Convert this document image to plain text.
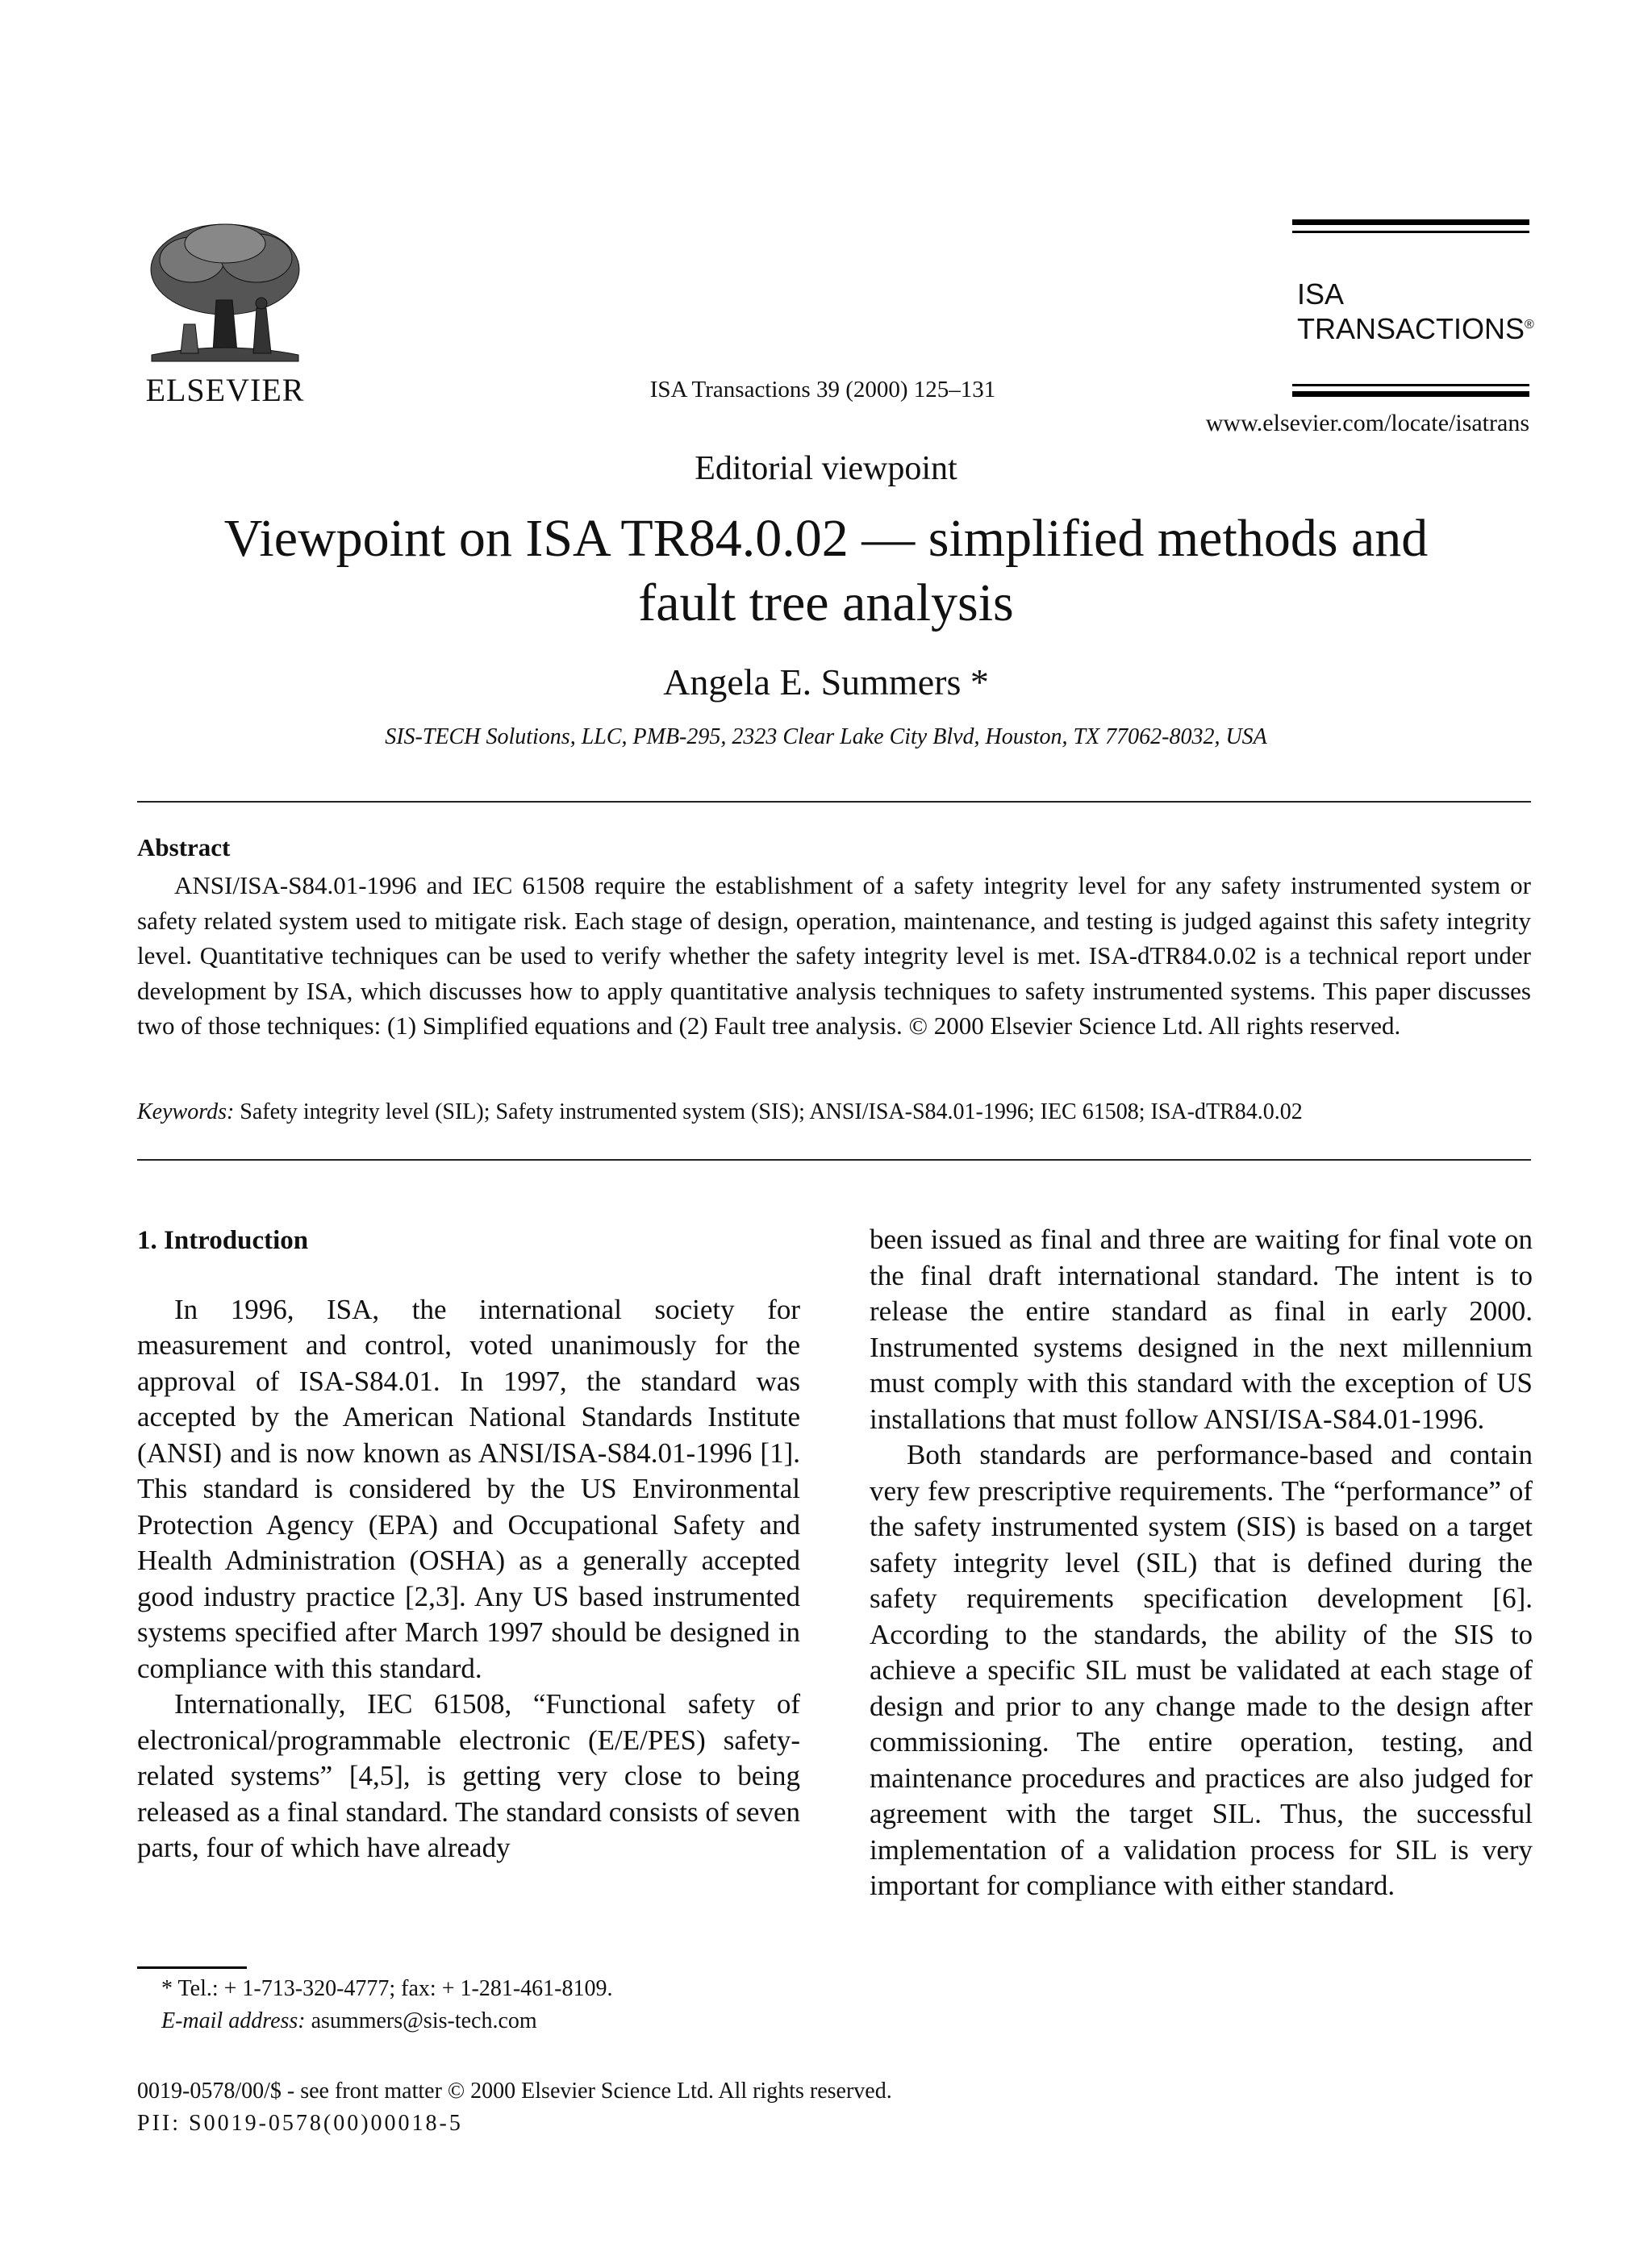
ELSEVIER	ISA Transactions 39 (2000) 125–131
ISA
TRANSACTIONS®
www.elsevier.com/locate/isatrans
Editorial viewpoint
Viewpoint on ISA TR84.0.02 — simplified methods and
fault tree analysis
Angela E. Summers *
SIS-TECH Solutions, LLC, PMB-295, 2323 Clear Lake City Blvd, Houston, TX 77062-8032, USA
Abstract
ANSI/ISA-S84.01-1996 and IEC 61508 require the establishment of a safety integrity level for any safety instrumented system or safety related system used to mitigate risk. Each stage of design, operation, maintenance, and testing is judged against this safety integrity level. Quantitative techniques can be used to verify whether the safety integrity level is met. ISA-dTR84.0.02 is a technical report under development by ISA, which discusses how to apply quantitative analysis techniques to safety instrumented systems. This paper discusses two of those techniques: (1) Simplified equations and (2) Fault tree analysis. © 2000 Elsevier Science Ltd. All rights reserved.
Keywords: Safety integrity level (SIL); Safety instrumented system (SIS); ANSI/ISA-S84.01-1996; IEC 61508; ISA-dTR84.0.02
1. Introduction

In 1996, ISA, the international society for measurement and control, voted unanimously for the approval of ISA-S84.01. In 1997, the standard was accepted by the American National Standards Institute (ANSI) and is now known as ANSI/ISA-S84.01-1996 [1]. This standard is considered by the US Environmental Protection Agency (EPA) and Occupational Safety and Health Administration (OSHA) as a generally accepted good industry practice [2,3]. Any US based instrumented systems specified after March 1997 should be designed in compliance with this standard.

Internationally, IEC 61508, “Functional safety of electronical/programmable electronic (E/E/PES) safety-related systems” [4,5], is getting very close to being released as a final standard. The standard consists of seven parts, four of which have already

been issued as final and three are waiting for final vote on the final draft international standard. The intent is to release the entire standard as final in early 2000. Instrumented systems designed in the next millennium must comply with this standard with the exception of US installations that must follow ANSI/ISA-S84.01-1996.

Both standards are performance-based and contain very few prescriptive requirements. The “performance” of the safety instrumented system (SIS) is based on a target safety integrity level (SIL) that is defined during the safety requirements specification development [6]. According to the standards, the ability of the SIS to achieve a specific SIL must be validated at each stage of design and prior to any change made to the design after commissioning. The entire operation, testing, and maintenance procedures and practices are also judged for agreement with the target SIL. Thus, the successful implementation of a validation process for SIL is very important for compliance with either standard.

* Tel.: + 1-713-320-4777; fax: + 1-281-461-8109.
E-mail address: asummers@sis-tech.com
0019-0578/00/$ - see front matter © 2000 Elsevier Science Ltd. All rights reserved.
PII: S0019-0578(00)00018-5
